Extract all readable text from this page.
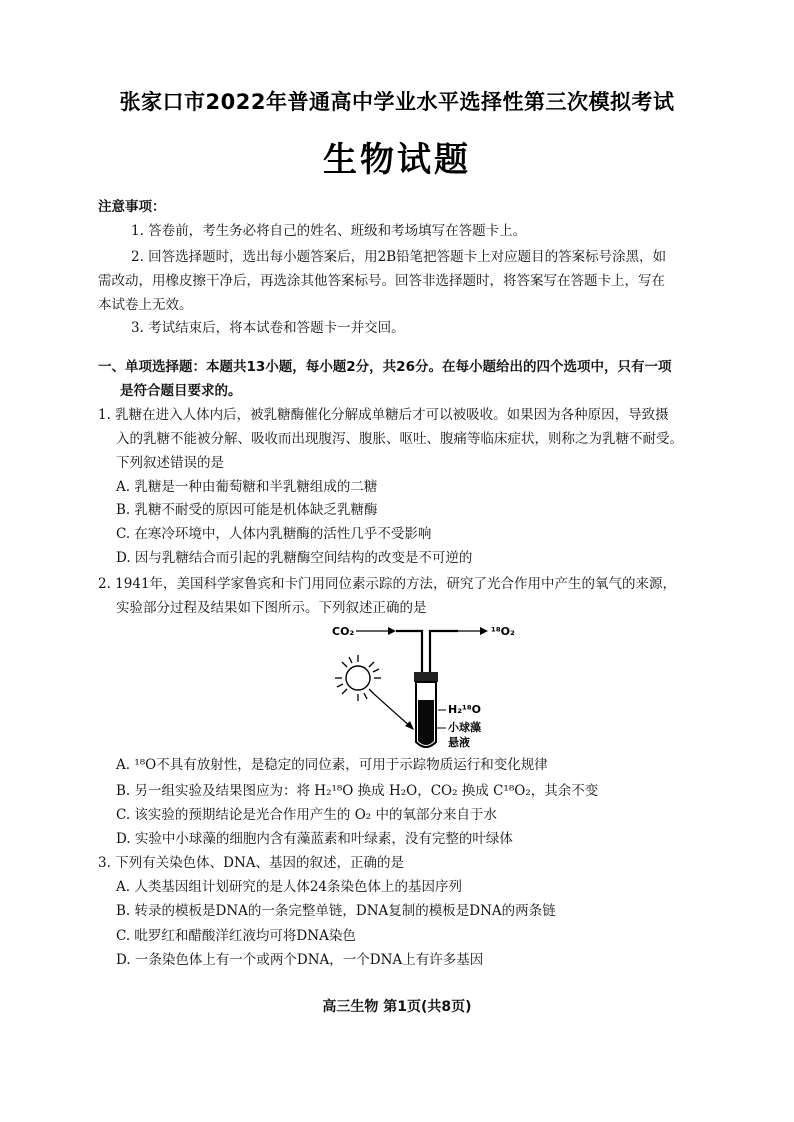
张家口市2022年普通高中学业水平选择性第三次模拟考试
生物试题
注意事项：
1. 答卷前，考生务必将自己的姓名、班级和考场填写在答题卡上。
2. 回答选择题时，选出每小题答案后，用2B铅笔把答题卡上对应题目的答案标号涂黑，如
需改动，用橡皮擦干净后，再选涂其他答案标号。回答非选择题时，将答案写在答题卡上，写在
本试卷上无效。
3. 考试结束后，将本试卷和答题卡一并交回。
一、单项选择题：本题共13小题，每小题2分，共26分。在每小题给出的四个选项中，只有一项
是符合题目要求的。
1. 乳糖在进入人体内后，被乳糖酶催化分解成单糖后才可以被吸收。如果因为各种原因，导致摄
入的乳糖不能被分解、吸收而出现腹泻、腹胀、呕吐、腹痛等临床症状，则称之为乳糖不耐受。
下列叙述错误的是
A. 乳糖是一种由葡萄糖和半乳糖组成的二糖
B. 乳糖不耐受的原因可能是机体缺乏乳糖酶
C. 在寒冷环境中，人体内乳糖酶的活性几乎不受影响
D. 因与乳糖结合而引起的乳糖酶空间结构的改变是不可逆的
2. 1941年，美国科学家鲁宾和卡门用同位素示踪的方法，研究了光合作用中产生的氧气的来源，
实验部分过程及结果如下图所示。下列叙述正确的是
CO₂	¹⁸O₂
H₂¹⁸O
小球藻
悬液
A. ¹⁸O不具有放射性，是稳定的同位素，可用于示踪物质运行和变化规律
B. 另一组实验及结果图应为：将 H₂¹⁸O 换成 H₂O，CO₂ 换成 C¹⁸O₂，其余不变
C. 该实验的预期结论是光合作用产生的 O₂ 中的氧部分来自于水
D. 实验中小球藻的细胞内含有藻蓝素和叶绿素，没有完整的叶绿体
3. 下列有关染色体、DNA、基因的叙述，正确的是
A. 人类基因组计划研究的是人体24条染色体上的基因序列
B. 转录的模板是DNA的一条完整单链，DNA复制的模板是DNA的两条链
C. 吡罗红和醋酸洋红液均可将DNA染色
D. 一条染色体上有一个或两个DNA，一个DNA上有许多基因
高三生物 第1页(共8页)
